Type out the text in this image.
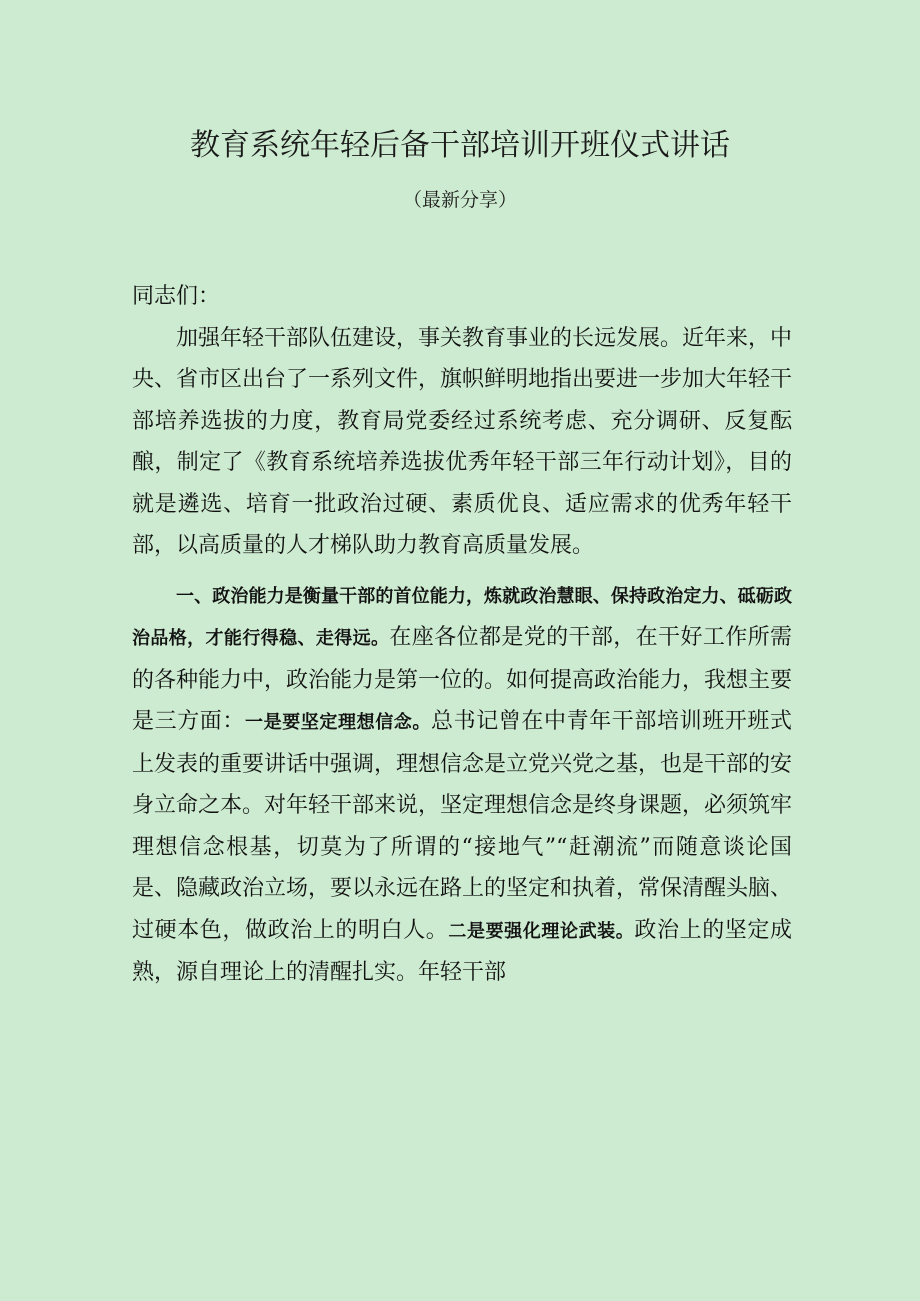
教育系统年轻后备干部培训开班仪式讲话
（最新分享）

同志们：

加强年轻干部队伍建设，事关教育事业的长远发展。近年来，中央、省市区出台了一系列文件，旗帜鲜明地指出要进一步加大年轻干部培养选拔的力度，教育局党委经过系统考虑、充分调研、反复酝酿，制定了《教育系统培养选拔优秀年轻干部三年行动计划》，目的就是遴选、培育一批政治过硬、素质优良、适应需求的优秀年轻干部，以高质量的人才梯队助力教育高质量发展。

一、政治能力是衡量干部的首位能力，炼就政治慧眼、保持政治定力、砥砺政治品格，才能行得稳、走得远。在座各位都是党的干部，在干好工作所需的各种能力中，政治能力是第一位的。如何提高政治能力，我想主要是三方面：一是要坚定理想信念。总书记曾在中青年干部培训班开班式上发表的重要讲话中强调，理想信念是立党兴党之基，也是干部的安身立命之本。对年轻干部来说，坚定理想信念是终身课题，必须筑牢理想信念根基，切莫为了所谓的“接地气”“赶潮流”而随意谈论国是、隐藏政治立场，要以永远在路上的坚定和执着，常保清醒头脑、过硬本色，做政治上的明白人。二是要强化理论武装。政治上的坚定成熟，源自理论上的清醒扎实。年轻干部
